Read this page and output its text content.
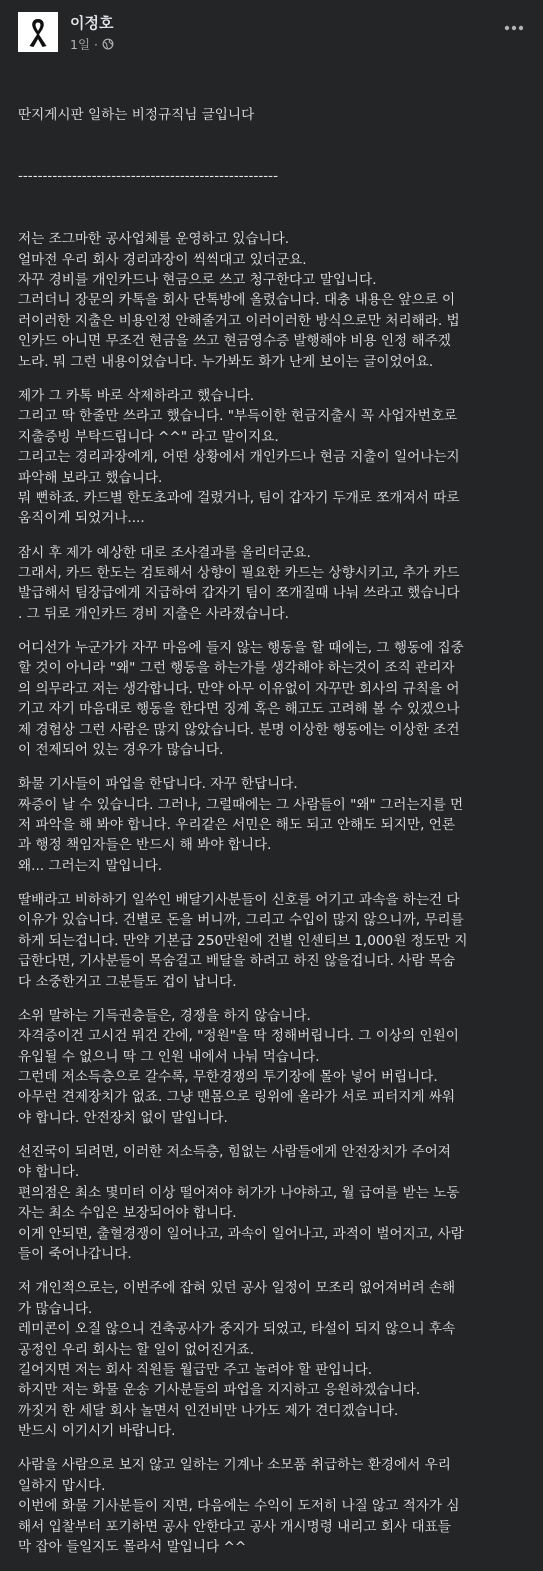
이정호
1일 ·

딴지게시판 일하는 비정규직님 글입니다

-----------------------------------------------------

저는 조그마한 공사업체를 운영하고 있습니다.
얼마전 우리 회사 경리과장이 씩씩대고 있더군요.
자꾸 경비를 개인카드나 현금으로 쓰고 청구한다고 말입니다.
그러더니 장문의 카톡을 회사 단톡방에 올렸습니다. 대충 내용은 앞으로 이
러이러한 지출은 비용인정 안해줄거고 이러이러한 방식으로만 처리해라. 법
인카드 아니면 무조건 현금을 쓰고 현금영수증 발행해야 비용 인정 해주겠
노라. 뭐 그런 내용이었습니다. 누가봐도 화가 난게 보이는 글이었어요.
제가 그 카톡 바로 삭제하라고 했습니다.
그리고 딱 한줄만 쓰라고 했습니다. "부득이한 현금지출시 꼭 사업자번호로
지출증빙 부탁드립니다 ^^" 라고 말이지요.
그리고는 경리과장에게, 어떤 상황에서 개인카드나 현금 지출이 일어나는지
파악해 보라고 했습니다.
뭐 뻔하죠. 카드별 한도초과에 걸렸거나, 팀이 갑자기 두개로 쪼개져서 따로
움직이게 되었거나....
잠시 후 제가 예상한 대로 조사결과를 올리더군요.
그래서, 카드 한도는 검토해서 상향이 필요한 카드는 상향시키고, 추가 카드
발급해서 팀장급에게 지급하여 갑자기 팀이 쪼개질때 나눠 쓰라고 했습니다
. 그 뒤로 개인카드 경비 지출은 사라졌습니다.
어디선가 누군가가 자꾸 마음에 들지 않는 행동을 할 때에는, 그 행동에 집중
할 것이 아니라 "왜" 그런 행동을 하는가를 생각해야 하는것이 조직 관리자
의 의무라고 저는 생각합니다. 만약 아무 이유없이 자꾸만 회사의 규칙을 어
기고 자기 마음대로 행동을 한다면 징계 혹은 해고도 고려해 볼 수 있겠으나
제 경험상 그런 사람은 많지 않았습니다. 분명 이상한 행동에는 이상한 조건
이 전제되어 있는 경우가 많습니다.
화물 기사들이 파업을 한답니다. 자꾸 한답니다.
짜증이 날 수 있습니다. 그러나, 그럴때에는 그 사람들이 "왜" 그러는지를 먼
저 파악을 해 봐야 합니다. 우리같은 서민은 해도 되고 안해도 되지만, 언론
과 행정 책임자들은 반드시 해 봐야 합니다.
왜... 그러는지 말입니다.
딸배라고 비하하기 일쑤인 배달기사분들이 신호를 어기고 과속을 하는건 다
이유가 있습니다. 건별로 돈을 버니까, 그리고 수입이 많지 않으니까, 무리를
하게 되는겁니다. 만약 기본급 250만원에 건별 인센티브 1,000원 정도만 지
급한다면, 기사분들이 목숨걸고 배달을 하려고 하진 않을겁니다. 사람 목숨
다 소중한거고 그분들도 겁이 납니다.
소위 말하는 기득권층들은, 경쟁을 하지 않습니다.
자격증이건 고시건 뭐건 간에, "정원"을 딱 정해버립니다. 그 이상의 인원이
유입될 수 없으니 딱 그 인원 내에서 나눠 먹습니다.
그런데 저소득층으로 갈수록, 무한경쟁의 투기장에 몰아 넣어 버립니다.
아무런 견제장치가 없죠. 그냥 맨몸으로 링위에 올라가 서로 피터지게 싸워
야 합니다. 안전장치 없이 말입니다.
선진국이 되려면, 이러한 저소득층, 힘없는 사람들에게 안전장치가 주어져
야 합니다.
편의점은 최소 몇미터 이상 떨어져야 허가가 나야하고, 월 급여를 받는 노동
자는 최소 수입은 보장되어야 합니다.
이게 안되면, 출혈경쟁이 일어나고, 과속이 일어나고, 과적이 벌어지고, 사람
들이 죽어나갑니다.
저 개인적으로는, 이번주에 잡혀 있던 공사 일정이 모조리 없어져버려 손해
가 많습니다.
레미콘이 오질 않으니 건축공사가 중지가 되었고, 타설이 되지 않으니 후속
공정인 우리 회사는 할 일이 없어진거죠.
길어지면 저는 회사 직원들 월급만 주고 놀려야 할 판입니다.
하지만 저는 화물 운송 기사분들의 파업을 지지하고 응원하겠습니다.
까짓거 한 세달 회사 놀면서 인건비만 나가도 제가 견디겠습니다.
반드시 이기시기 바랍니다.
사람을 사람으로 보지 않고 일하는 기계나 소모품 취급하는 환경에서 우리
일하지 맙시다.
이번에 화물 기사분들이 지면, 다음에는 수익이 도저히 나질 않고 적자가 심
해서 입찰부터 포기하면 공사 안한다고 공사 개시명령 내리고 회사 대표들
막 잡아 들일지도 몰라서 말입니다 ^^
